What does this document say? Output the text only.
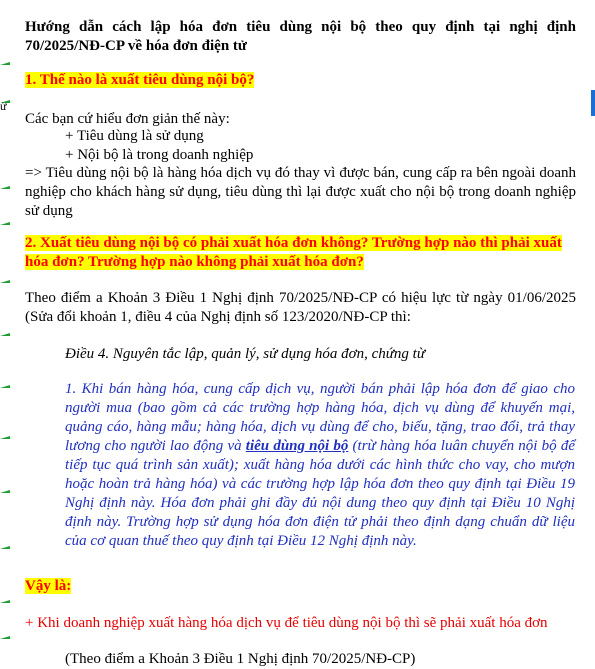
ử

Hướng dẫn cách lập hóa đơn tiêu dùng nội bộ theo quy định tại nghị định 70/2025/NĐ-CP về hóa đơn điện tử

1. Thế nào là xuất tiêu dùng nội bộ?

Các bạn cứ hiểu đơn giản thế này:

+ Tiêu dùng là sử dụng

+ Nội bộ là trong doanh nghiệp

=> Tiêu dùng nội bộ là hàng hóa dịch vụ đó thay vì được bán, cung cấp ra bên ngoài doanh nghiệp cho khách hàng sử dụng, tiêu dùng thì lại được xuất cho nội bộ trong doanh nghiệp sử dụng

2. Xuất tiêu dùng nội bộ có phải xuất hóa đơn không? Trường hợp nào thì phải xuất hóa đơn? Trường hợp nào không phải xuất hóa đơn?

Theo điểm a Khoản 3 Điều 1 Nghị định 70/2025/NĐ-CP có hiệu lực từ ngày 01/06/2025 (Sửa đổi khoản 1, điều 4 của Nghị định số 123/2020/NĐ-CP thì:

Điều 4. Nguyên tắc lập, quản lý, sử dụng hóa đơn, chứng từ

1. Khi bán hàng hóa, cung cấp dịch vụ, người bán phải lập hóa đơn để giao cho người mua (bao gồm cả các trường hợp hàng hóa, dịch vụ dùng để khuyến mại, quảng cáo, hàng mẫu; hàng hóa, dịch vụ dùng để cho, biếu, tặng, trao đổi, trả thay lương cho người lao động và tiêu dùng nội bộ (trừ hàng hóa luân chuyển nội bộ để tiếp tục quá trình sản xuất); xuất hàng hóa dưới các hình thức cho vay, cho mượn hoặc hoàn trả hàng hóa) và các trường hợp lập hóa đơn theo quy định tại Điều 19 Nghị định này. Hóa đơn phải ghi đầy đủ nội dung theo quy định tại Điều 10 Nghị định này. Trường hợp sử dụng hóa đơn điện tử phải theo định dạng chuẩn dữ liệu của cơ quan thuế theo quy định tại Điều 12 Nghị định này.

Vậy là:

+ Khi doanh nghiệp xuất hàng hóa dịch vụ để tiêu dùng nội bộ thì sẽ phải xuất hóa đơn

(Theo điểm a Khoản 3 Điều 1 Nghị định 70/2025/NĐ-CP)
